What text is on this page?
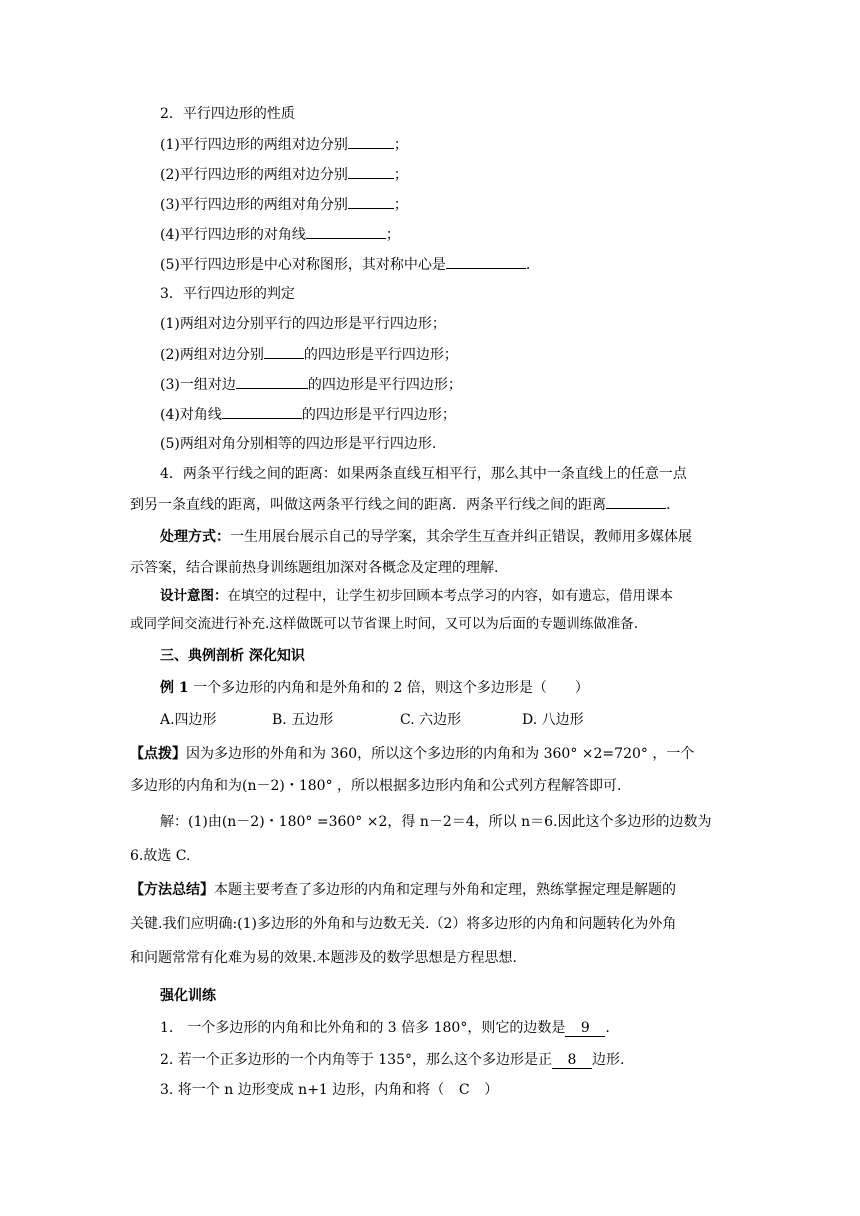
2．平行四边形的性质
(1)平行四边形的两组对边分别	；
(2)平行四边形的两组对边分别	；
(3)平行四边形的两组对角分别	；
(4)平行四边形的对角线	；
(5)平行四边形是中心对称图形，其对称中心是	.
3．平行四边形的判定
(1)两组对边分别平行的四边形是平行四边形；
(2)两组对边分别	的四边形是平行四边形；
(3)一组对边	的四边形是平行四边形；
(4)对角线	的四边形是平行四边形；
(5)两组对角分别相等的四边形是平行四边形.
4．两条平行线之间的距离：如果两条直线互相平行，那么其中一条直线上的任意一点
到另一条直线的距离，叫做这两条平行线之间的距离．两条平行线之间的距离	.
处理方式：一生用展台展示自己的导学案，其余学生互查并纠正错误，教师用多媒体展
示答案，结合课前热身训练题组加深对各概念及定理的理解.
设计意图：在填空的过程中，让学生初步回顾本考点学习的内容，如有遗忘，借用课本
或同学间交流进行补充.这样做既可以节省课上时间，又可以为后面的专题训练做准备.
三、典例剖析 深化知识
例 1 一个多边形的内角和是外角和的 2 倍，则这个多边形是（　　）
A.四边形	B. 五边形	C. 六边形	D. 八边形
【点拨】因为多边形的外角和为 360，所以这个多边形的内角和为 360° ×2=720° ，一个
多边形的内角和为(n－2)・180° ，所以根据多边形内角和公式列方程解答即可.
解：(1)由(n－2)・180° =360° ×2，得 n－2＝4，所以 n＝6.因此这个多边形的边数为
6.故选 C.
【方法总结】本题主要考查了多边形的内角和定理与外角和定理，熟练掌握定理是解题的
关键.我们应明确:(1)多边形的外角和与边数无关.（2）将多边形的内角和问题转化为外角
和问题常常有化难为易的效果.本题涉及的数学思想是方程思想.
强化训练
1.　一个多边形的内角和比外角和的 3 倍多 180°，则它的边数是 9 .
2. 若一个正多边形的一个内角等于 135°，那么这个多边形是正 8 边形.
3. 将一个 n 边形变成 n+1 边形，内角和将（ C ）
